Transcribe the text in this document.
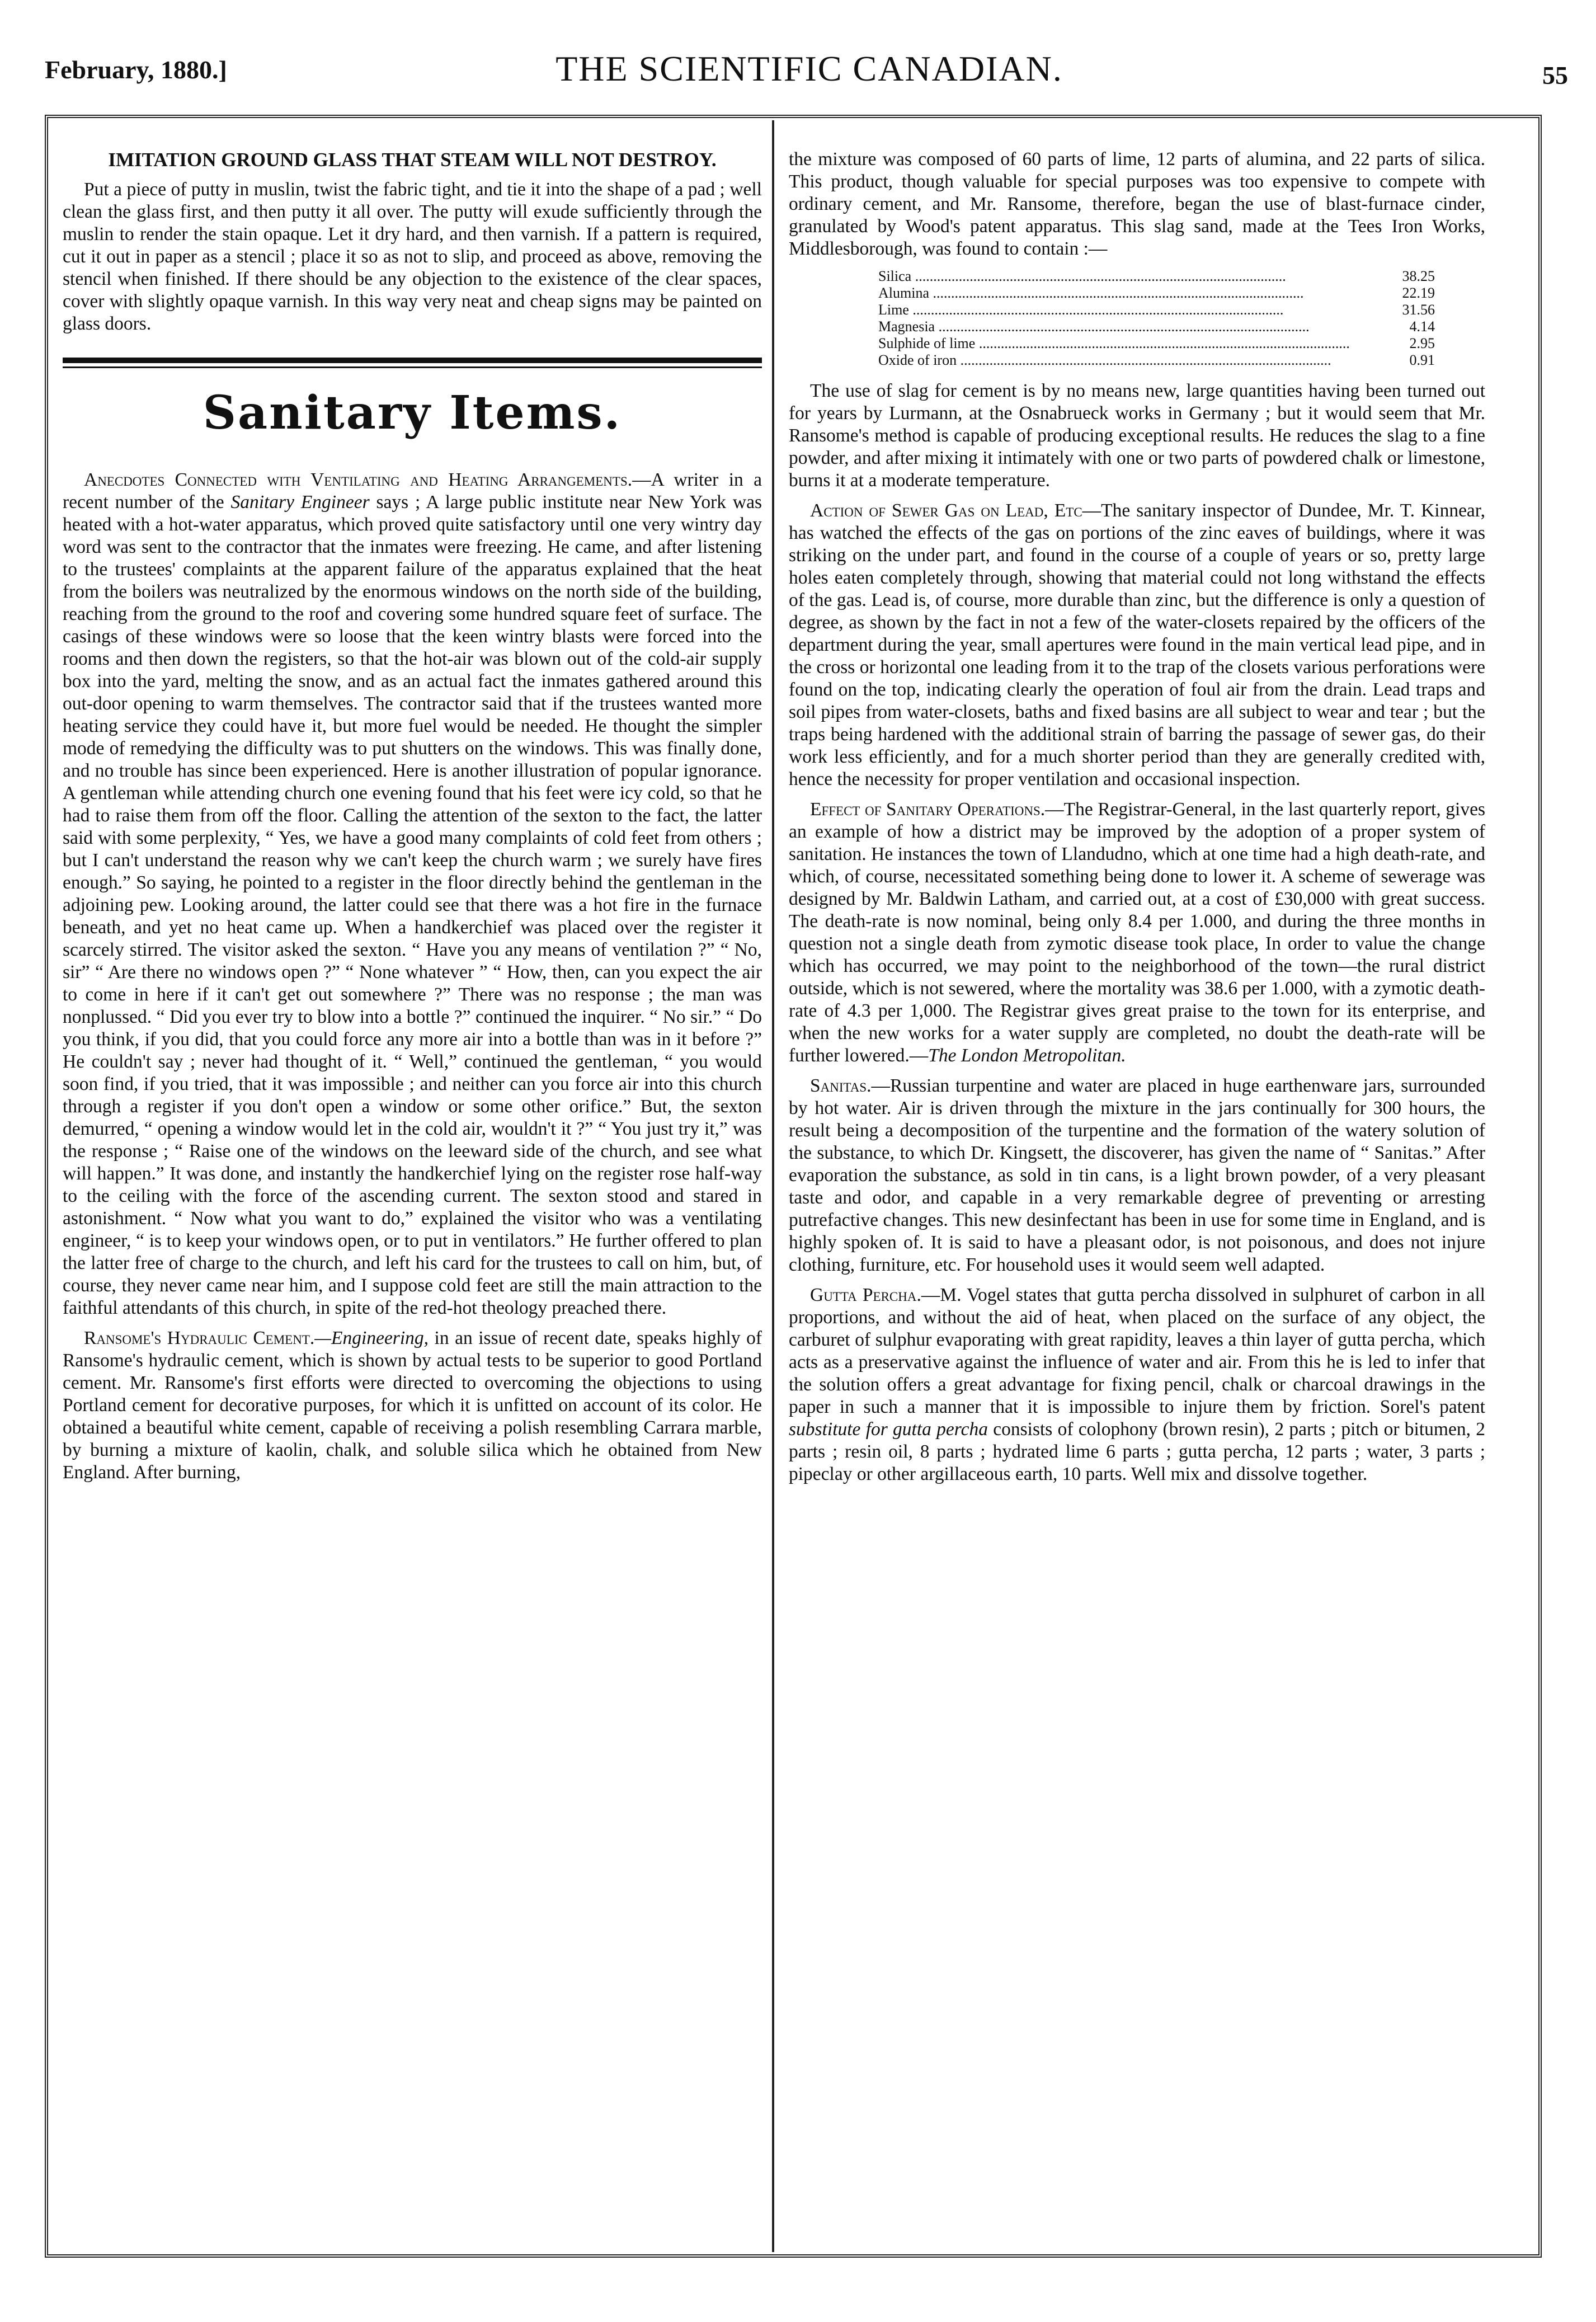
February, 1880.]	THE SCIENTIFIC CANADIAN.	55
IMITATION GROUND GLASS THAT STEAM WILL NOT DESTROY.

Put a piece of putty in muslin, twist the fabric tight, and tie it into the shape of a pad ; well clean the glass first, and then putty it all over. The putty will exude sufficiently through the muslin to render the stain opaque. Let it dry hard, and then varnish. If a pattern is required, cut it out in paper as a stencil ; place it so as not to slip, and proceed as above, removing the stencil when finished. If there should be any objection to the existence of the clear spaces, cover with slightly opaque varnish. In this way very neat and cheap signs may be painted on glass doors.

Sanitary Items.

Anecdotes Connected with Ventilating and Heating Arrangements.—A writer in a recent number of the Sanitary Engineer says ; A large public institute near New York was heated with a hot-water apparatus, which proved quite satisfactory until one very wintry day word was sent to the contractor that the inmates were freezing. He came, and after listening to the trustees' complaints at the apparent failure of the apparatus explained that the heat from the boilers was neutralized by the enormous windows on the north side of the building, reaching from the ground to the roof and covering some hundred square feet of surface. The casings of these windows were so loose that the keen wintry blasts were forced into the rooms and then down the registers, so that the hot-air was blown out of the cold-air supply box into the yard, melting the snow, and as an actual fact the inmates gathered around this out-door opening to warm themselves. The contractor said that if the trustees wanted more heating service they could have it, but more fuel would be needed. He thought the simpler mode of remedying the difficulty was to put shutters on the windows. This was finally done, and no trouble has since been experienced. Here is another illustration of popular ignorance. A gentleman while attending church one evening found that his feet were icy cold, so that he had to raise them from off the floor. Calling the attention of the sexton to the fact, the latter said with some perplexity, “ Yes, we have a good many complaints of cold feet from others ; but I can't understand the reason why we can't keep the church warm ; we surely have fires enough.” So saying, he pointed to a register in the floor directly behind the gentleman in the adjoining pew. Looking around, the latter could see that there was a hot fire in the furnace beneath, and yet no heat came up. When a handkerchief was placed over the register it scarcely stirred. The visitor asked the sexton. “ Have you any means of ventilation ?” “ No, sir” “ Are there no windows open ?” “ None whatever ” “ How, then, can you expect the air to come in here if it can't get out somewhere ?” There was no response ; the man was nonplussed. “ Did you ever try to blow into a bottle ?” continued the inquirer. “ No sir.” “ Do you think, if you did, that you could force any more air into a bottle than was in it before ?” He couldn't say ; never had thought of it. “ Well,” continued the gentleman, “ you would soon find, if you tried, that it was impossible ; and neither can you force air into this church through a register if you don't open a window or some other orifice.” But, the sexton demurred, “ opening a window would let in the cold air, wouldn't it ?” “ You just try it,” was the response ; “ Raise one of the windows on the leeward side of the church, and see what will happen.” It was done, and instantly the handkerchief lying on the register rose half-way to the ceiling with the force of the ascending current. The sexton stood and stared in astonishment. “ Now what you want to do,” explained the visitor who was a ventilating engineer, “ is to keep your windows open, or to put in ventilators.” He further offered to plan the latter free of charge to the church, and left his card for the trustees to call on him, but, of course, they never came near him, and I suppose cold feet are still the main attraction to the faithful attendants of this church, in spite of the red-hot theology preached there.

Ransome's Hydraulic Cement.—Engineering, in an issue of recent date, speaks highly of Ransome's hydraulic cement, which is shown by actual tests to be superior to good Portland cement. Mr. Ransome's first efforts were directed to overcoming the objections to using Portland cement for decorative purposes, for which it is unfitted on account of its color. He obtained a beautiful white cement, capable of receiving a polish resembling Carrara marble, by burning a mixture of kaolin, chalk, and soluble silica which he obtained from New England. After burning,

the mixture was composed of 60 parts of lime, 12 parts of alumina, and 22 parts of silica. This product, though valuable for special purposes was too expensive to compete with ordinary cement, and Mr. Ransome, therefore, began the use of blast-furnace cinder, granulated by Wood's patent apparatus. This slag sand, made at the Tees Iron Works, Middlesborough, was found to contain :—

Silica .....	38.25
Alumina .....	22.19
Lime .....	31.56
Magnesia .....	4.14
Sulphide of lime .....	2.95
Oxide of iron .....	0.91

The use of slag for cement is by no means new, large quantities having been turned out for years by Lurmann, at the Osnabrueck works in Germany ; but it would seem that Mr. Ransome's method is capable of producing exceptional results. He reduces the slag to a fine powder, and after mixing it intimately with one or two parts of powdered chalk or limestone, burns it at a moderate temperature.

Action of Sewer Gas on Lead, Etc—The sanitary inspector of Dundee, Mr. T. Kinnear, has watched the effects of the gas on portions of the zinc eaves of buildings, where it was striking on the under part, and found in the course of a couple of years or so, pretty large holes eaten completely through, showing that material could not long withstand the effects of the gas. Lead is, of course, more durable than zinc, but the difference is only a question of degree, as shown by the fact in not a few of the water-closets repaired by the officers of the department during the year, small apertures were found in the main vertical lead pipe, and in the cross or horizontal one leading from it to the trap of the closets various perforations were found on the top, indicating clearly the operation of foul air from the drain. Lead traps and soil pipes from water-closets, baths and fixed basins are all subject to wear and tear ; but the traps being hardened with the additional strain of barring the passage of sewer gas, do their work less efficiently, and for a much shorter period than they are generally credited with, hence the necessity for proper ventilation and occasional inspection.

Effect of Sanitary Operations.—The Registrar-General, in the last quarterly report, gives an example of how a district may be improved by the adoption of a proper system of sanitation. He instances the town of Llandudno, which at one time had a high death-rate, and which, of course, necessitated something being done to lower it. A scheme of sewerage was designed by Mr. Baldwin Latham, and carried out, at a cost of £30,000 with great success. The death-rate is now nominal, being only 8.4 per 1.000, and during the three months in question not a single death from zymotic disease took place, In order to value the change which has occurred, we may point to the neighborhood of the town—the rural district outside, which is not sewered, where the mortality was 38.6 per 1.000, with a zymotic death-rate of 4.3 per 1,000. The Registrar gives great praise to the town for its enterprise, and when the new works for a water supply are completed, no doubt the death-rate will be further lowered.—The London Metropolitan.

Sanitas.—Russian turpentine and water are placed in huge earthenware jars, surrounded by hot water. Air is driven through the mixture in the jars continually for 300 hours, the result being a decomposition of the turpentine and the formation of the watery solution of the substance, to which Dr. Kingsett, the discoverer, has given the name of “ Sanitas.” After evaporation the substance, as sold in tin cans, is a light brown powder, of a very pleasant taste and odor, and capable in a very remarkable degree of preventing or arresting putrefactive changes. This new desinfectant has been in use for some time in England, and is highly spoken of. It is said to have a pleasant odor, is not poisonous, and does not injure clothing, furniture, etc. For household uses it would seem well adapted.

Gutta Percha.—M. Vogel states that gutta percha dissolved in sulphuret of carbon in all proportions, and without the aid of heat, when placed on the surface of any object, the carburet of sulphur evaporating with great rapidity, leaves a thin layer of gutta percha, which acts as a preservative against the influence of water and air. From this he is led to infer that the solution offers a great advantage for fixing pencil, chalk or charcoal drawings in the paper in such a manner that it is impossible to injure them by friction. Sorel's patent substitute for gutta percha consists of colophony (brown resin), 2 parts ; pitch or bitumen, 2 parts ; resin oil, 8 parts ; hydrated lime 6 parts ; gutta percha, 12 parts ; water, 3 parts ; pipeclay or other argillaceous earth, 10 parts. Well mix and dissolve together.
